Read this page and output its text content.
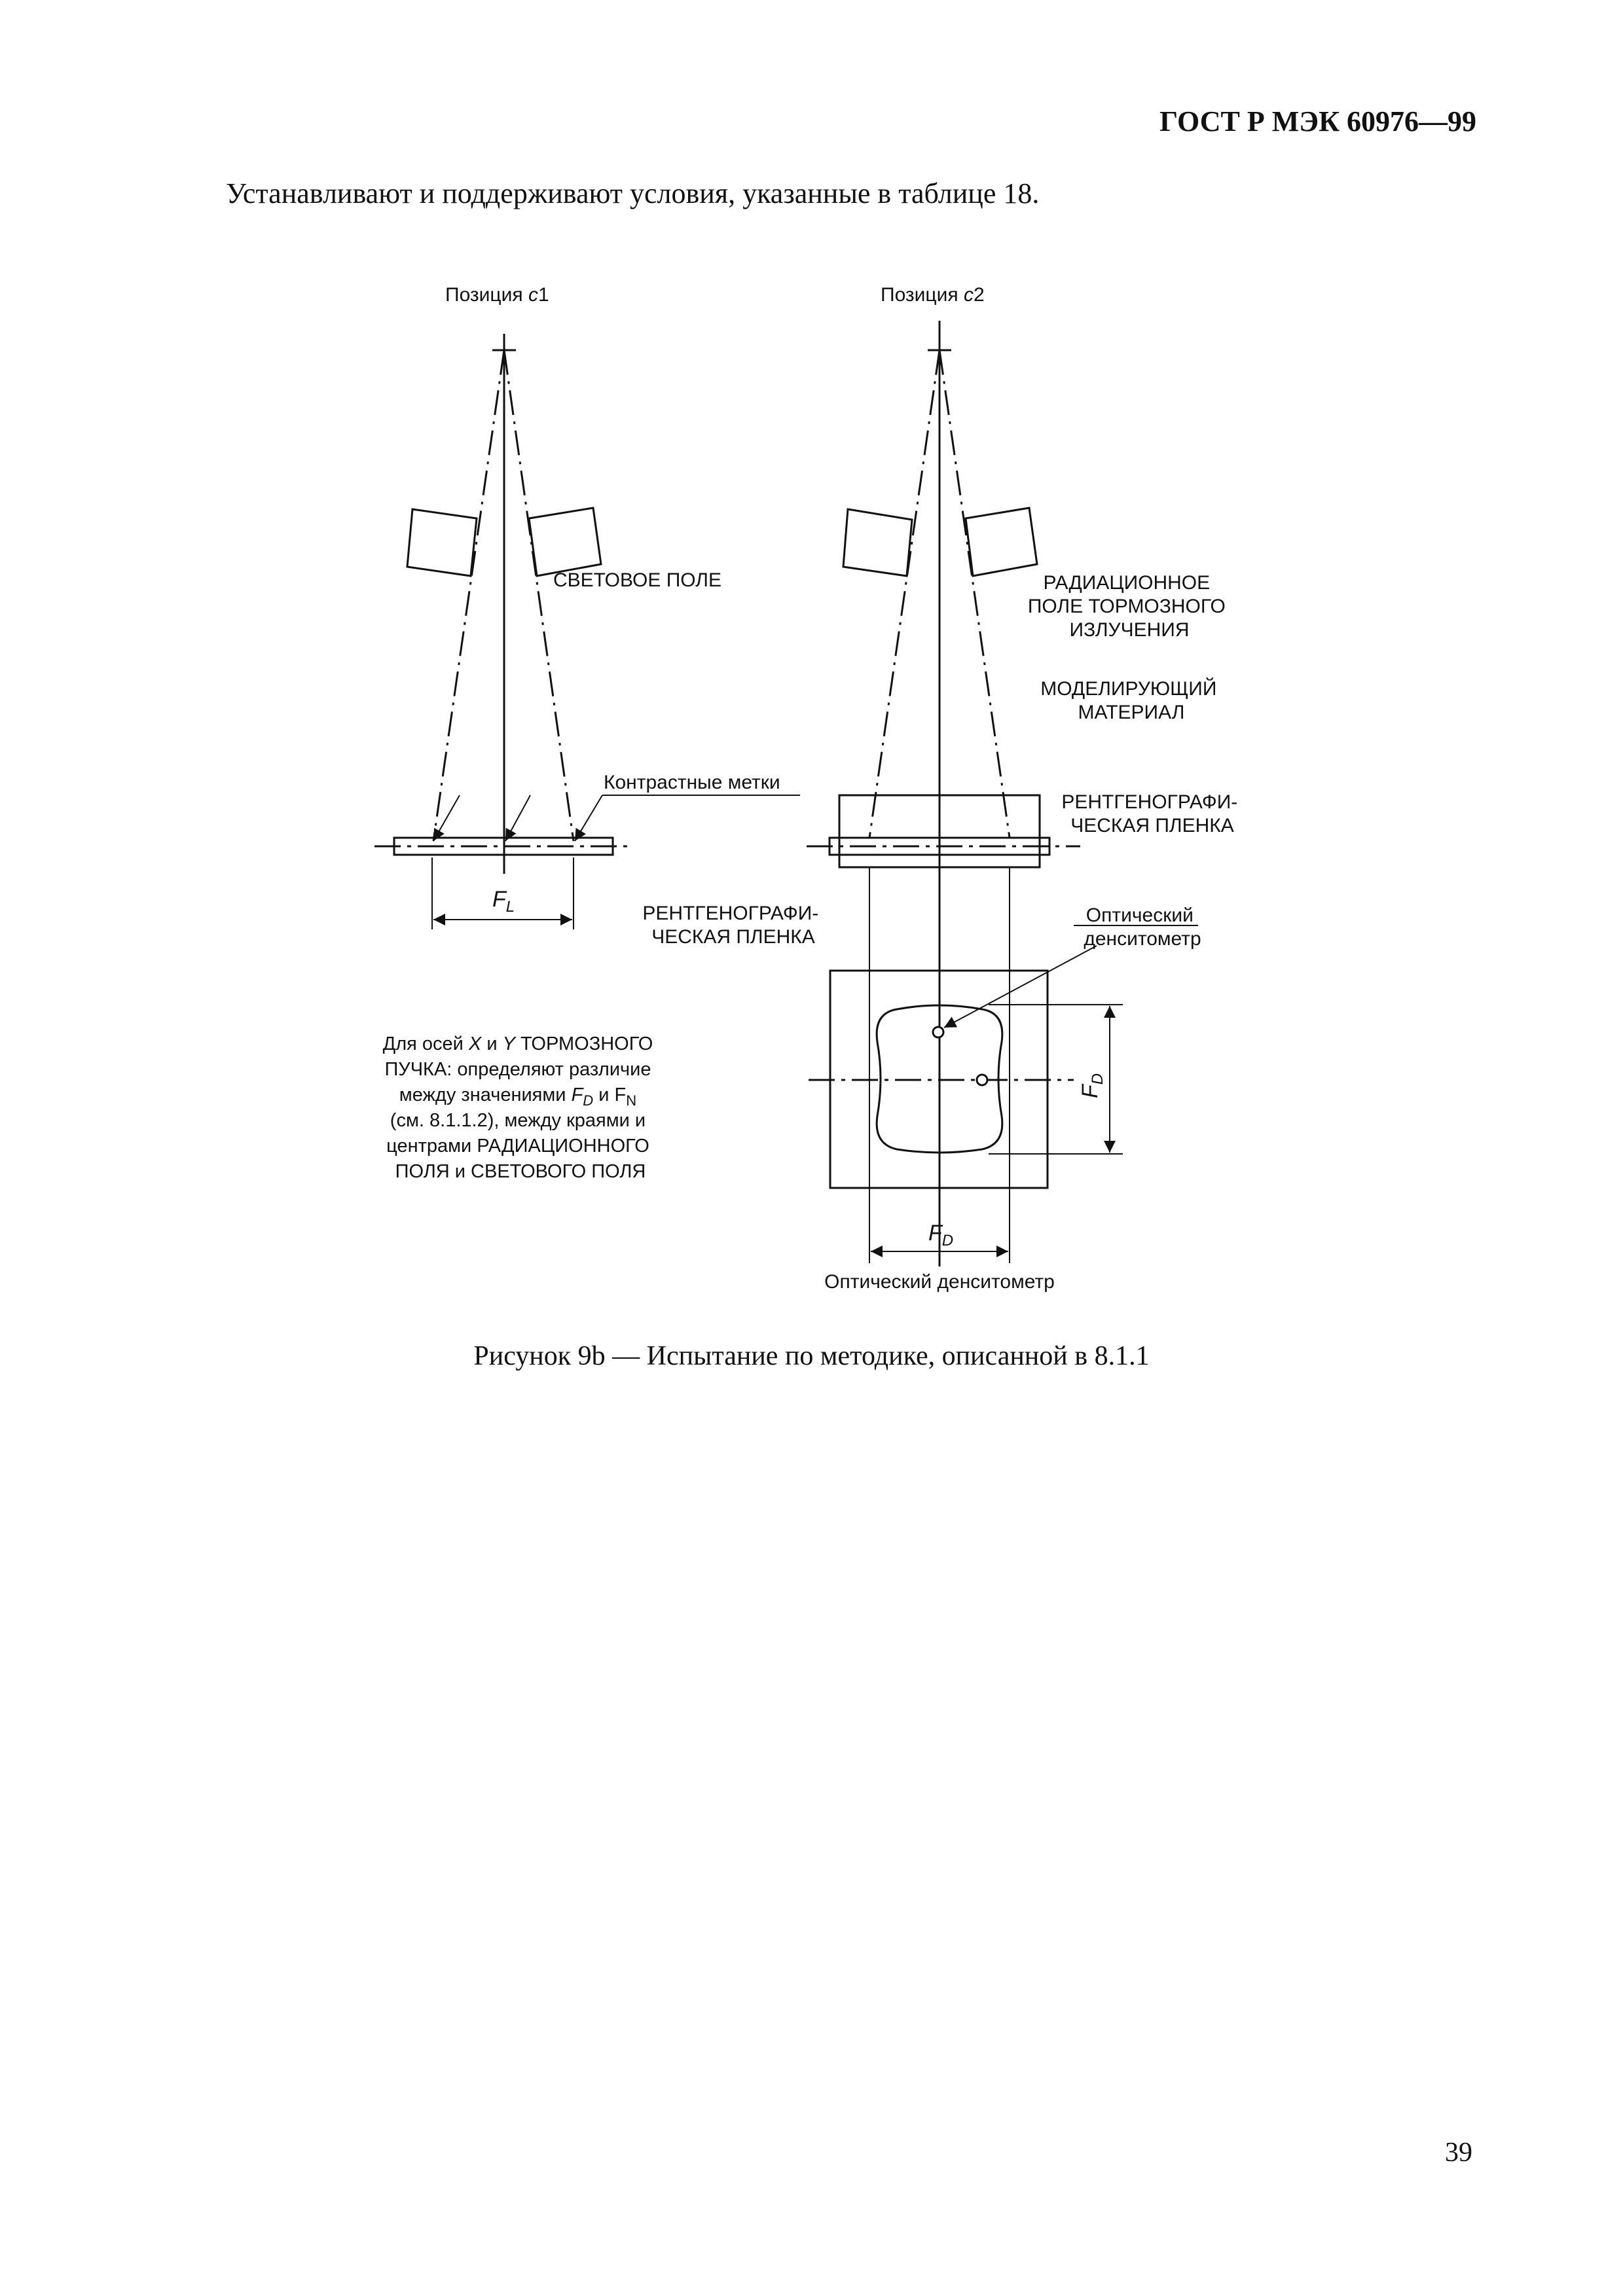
ГОСТ Р МЭК 60976—99
Устанавливают и поддерживают условия, указанные в таблице 18.
Позиция c1	Позиция c2
СВЕТОВОЕ ПОЛЕ	РАДИАЦИОННОЕ ПОЛЕ ТОРМОЗНОГО ИЗЛУЧЕНИЯ
МОДЕЛИРУЮЩИЙ МАТЕРИАЛ
Контрастные метки
РЕНТГЕНОГРАФИ- ЧЕСКАЯ ПЛЕНКА
РЕНТГЕНОГРАФИ- ЧЕСКАЯ ПЛЕНКА
Оптический денситометр
Оптический денситометр
$F_L$
$F_D$
$F_D$
Для осей X и Y ТОРМОЗНОГО ПУЧКА: определяют различие между значениями $F_D$ и $F_N$ (см. 8.1.1.2), между краями и центрами РАДИАЦИОННОГО ПОЛЯ и СВЕТОВОГО ПОЛЯ
Рисунок 9b — Испытание по методике, описанной в 8.1.1
39
